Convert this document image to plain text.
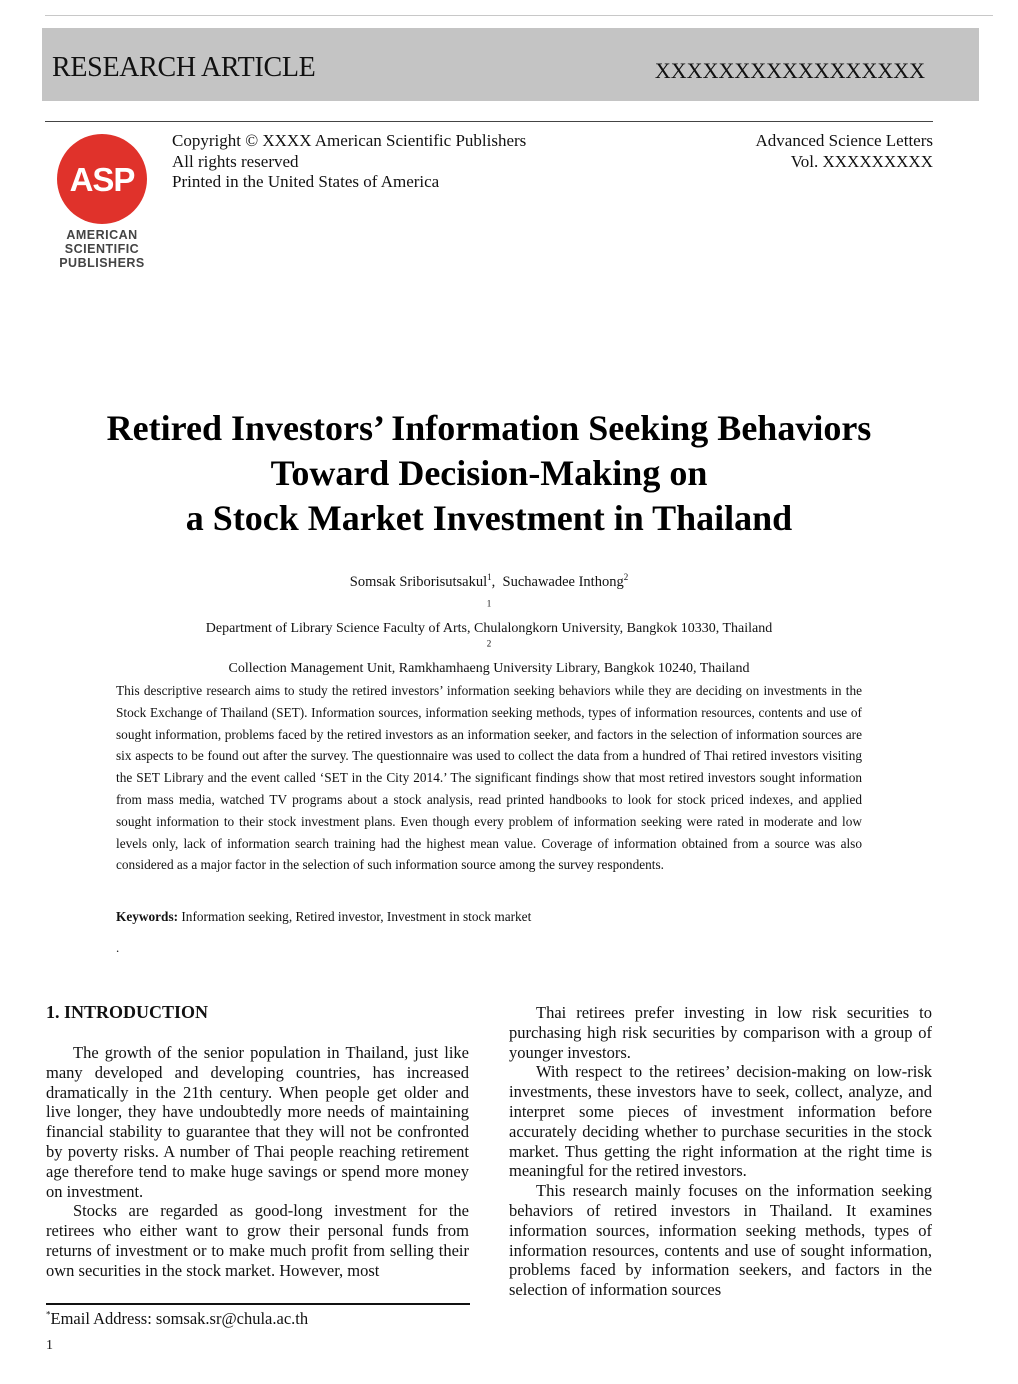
RESEARCH ARTICLE	XXXXXXXXXXXXXXXXX
ASP
AMERICAN
SCIENTIFIC
PUBLISHERS
Copyright © XXXX American Scientific Publishers
All rights reserved
Printed in the United States of America
Advanced Science Letters
Vol. XXXXXXXXX
Retired Investors’ Information Seeking Behaviors
Toward Decision-Making on
a Stock Market Investment in Thailand
Somsak Sriborisutsakul$^1$,  Suchawadee Inthong$^2$
$^1$
Department of Library Science Faculty of Arts, Chulalongkorn University, Bangkok 10330, Thailand
$^2$
Collection Management Unit, Ramkhamhaeng University Library, Bangkok 10240, Thailand

This descriptive research aims to study the retired investors’ information seeking behaviors while they are deciding on investments in the Stock Exchange of Thailand (SET). Information sources, information seeking methods, types of information resources, contents and use of sought information, problems faced by the retired investors as an information seeker, and factors in the selection of information sources are six aspects to be found out after the survey. The questionnaire was used to collect the data from a hundred of Thai retired investors visiting the SET Library and the event called ‘SET in the City 2014.’ The significant findings show that most retired investors sought information from mass media, watched TV programs about a stock analysis, read printed handbooks to look for stock priced indexes, and applied sought information to their stock investment plans. Even though every problem of information seeking were rated in moderate and low levels only, lack of information search training had the highest mean value. Coverage of information obtained from a source was also considered as a major factor in the selection of such information source among the survey respondents.

Keywords: Information seeking, Retired investor, Investment in stock market
.
1. INTRODUCTION

The growth of the senior population in Thailand, just like many developed and developing countries, has increased dramatically in the 21th century. When people get older and live longer, they have undoubtedly more needs of maintaining financial stability to guarantee that they will not be confronted by poverty risks. A number of Thai people reaching retirement age therefore tend to make huge savings or spend more money on investment.

Stocks are regarded as good-long investment for the retirees who either want to grow their personal funds from returns of investment or to make much profit from selling their own securities in the stock market. However, most

Thai retirees prefer investing in low risk securities to purchasing high risk securities by comparison with a group of younger investors.

With respect to the retirees’ decision-making on low-risk investments, these investors have to seek, collect, analyze, and interpret some pieces of investment information before accurately deciding whether to purchase securities in the stock market. Thus getting the right information at the right time is meaningful for the retired investors.

This research mainly focuses on the information seeking behaviors of retired investors in Thailand. It examines information sources, information seeking methods, types of information resources, contents and use of sought information, problems faced by information seekers, and factors in the selection of information sources

*Email Address: somsak.sr@chula.ac.th
1
